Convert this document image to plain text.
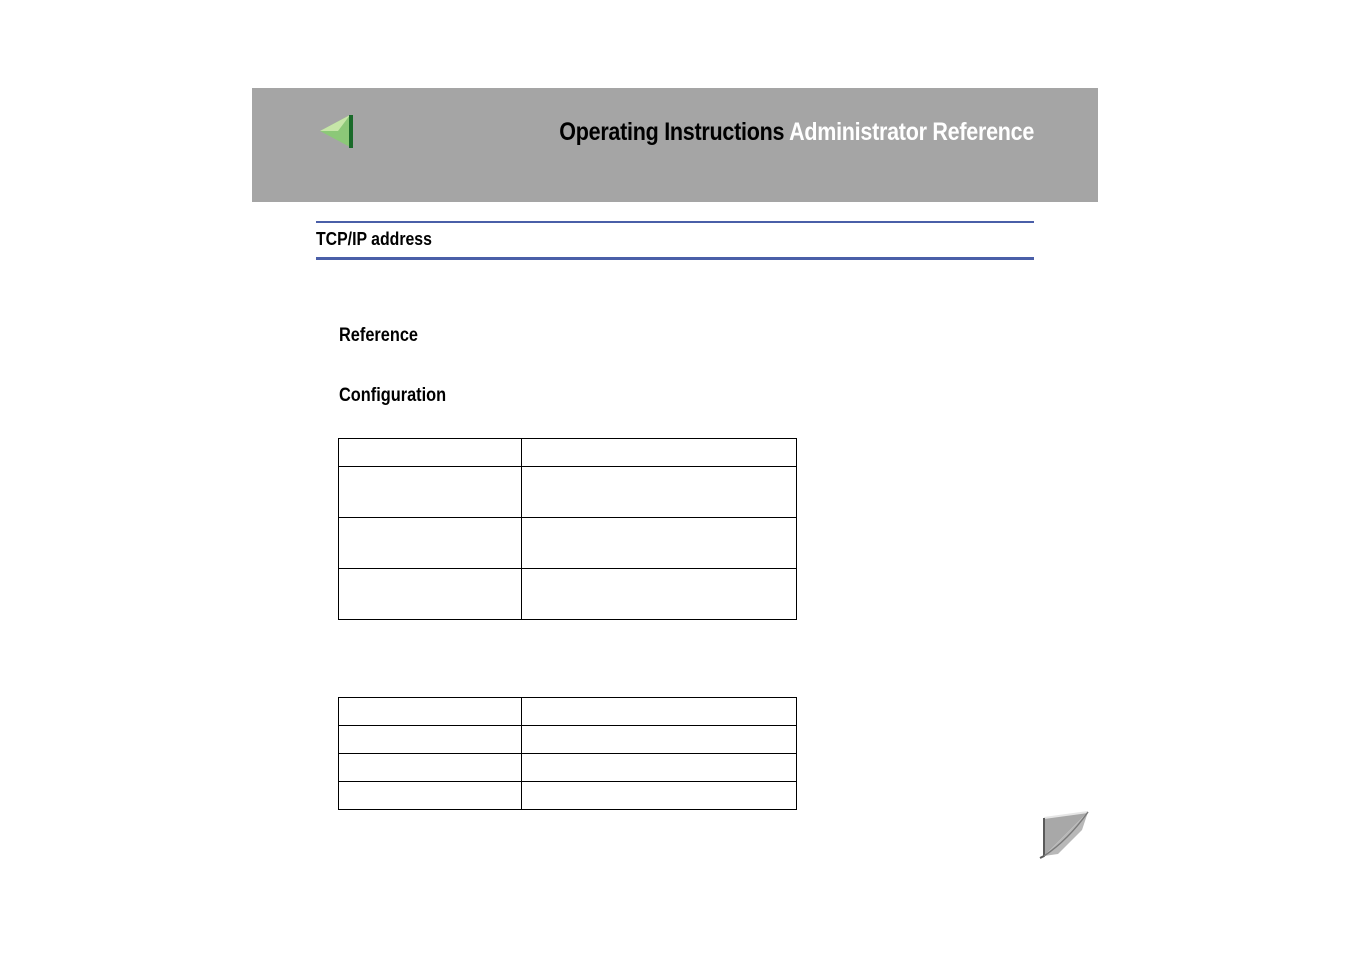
Operating Instructions Administrator Reference
TCP/IP address
Reference
Configuration
